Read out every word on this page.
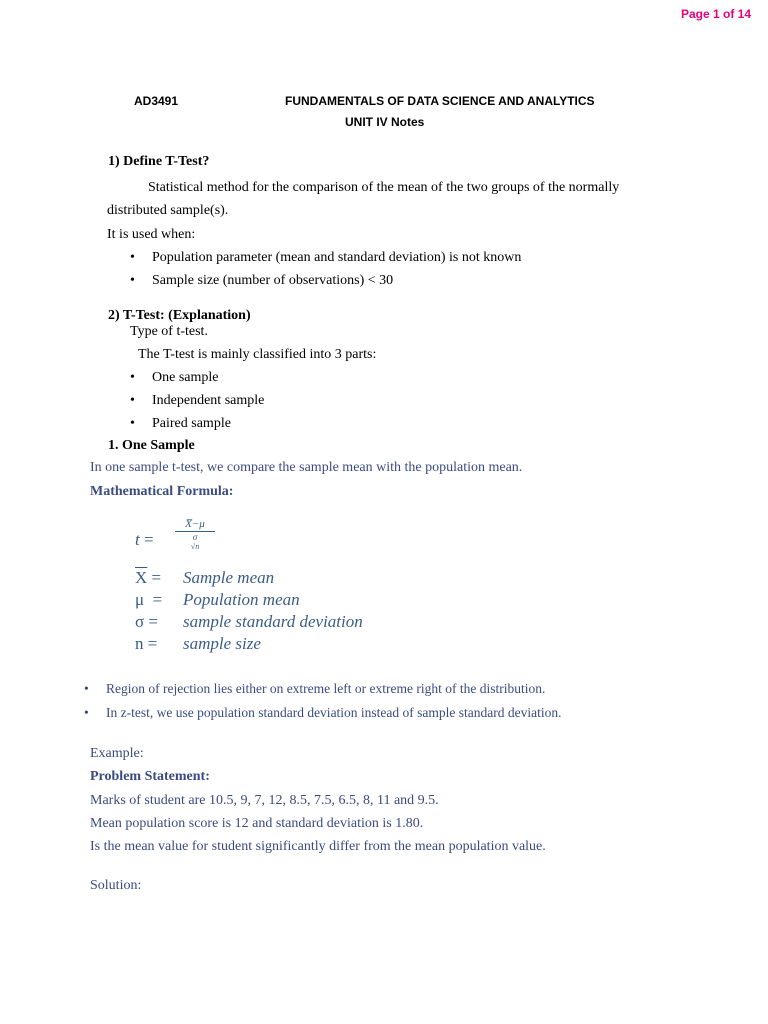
Page 1 of 14
AD3491	FUNDAMENTALS OF DATA SCIENCE AND ANALYTICS
UNIT IV Notes
1) Define T-Test?
Statistical method for the comparison of the mean of the two groups of the normally
distributed sample(s).
It is used when:
• Population parameter (mean and standard deviation) is not known
• Sample size (number of observations) < 30
2) T-Test: (Explanation)
Type of t-test.
The T-test is mainly classified into 3 parts:
• One sample
• Independent sample
• Paired sample
1. One Sample
In one sample t-test, we compare the sample mean with the population mean.
Mathematical Formula:
t =
X̅−μ
σ
√n
$\overline{X}$ = Sample mean
μ  = Population mean
σ = sample standard deviation
n = sample size
• Region of rejection lies either on extreme left or extreme right of the distribution.
• In z-test, we use population standard deviation instead of sample standard deviation.
Example:
Problem Statement:
Marks of student are 10.5, 9, 7, 12, 8.5, 7.5, 6.5, 8, 11 and 9.5.
Mean population score is 12 and standard deviation is 1.80.
Is the mean value for student significantly differ from the mean population value.
Solution:
